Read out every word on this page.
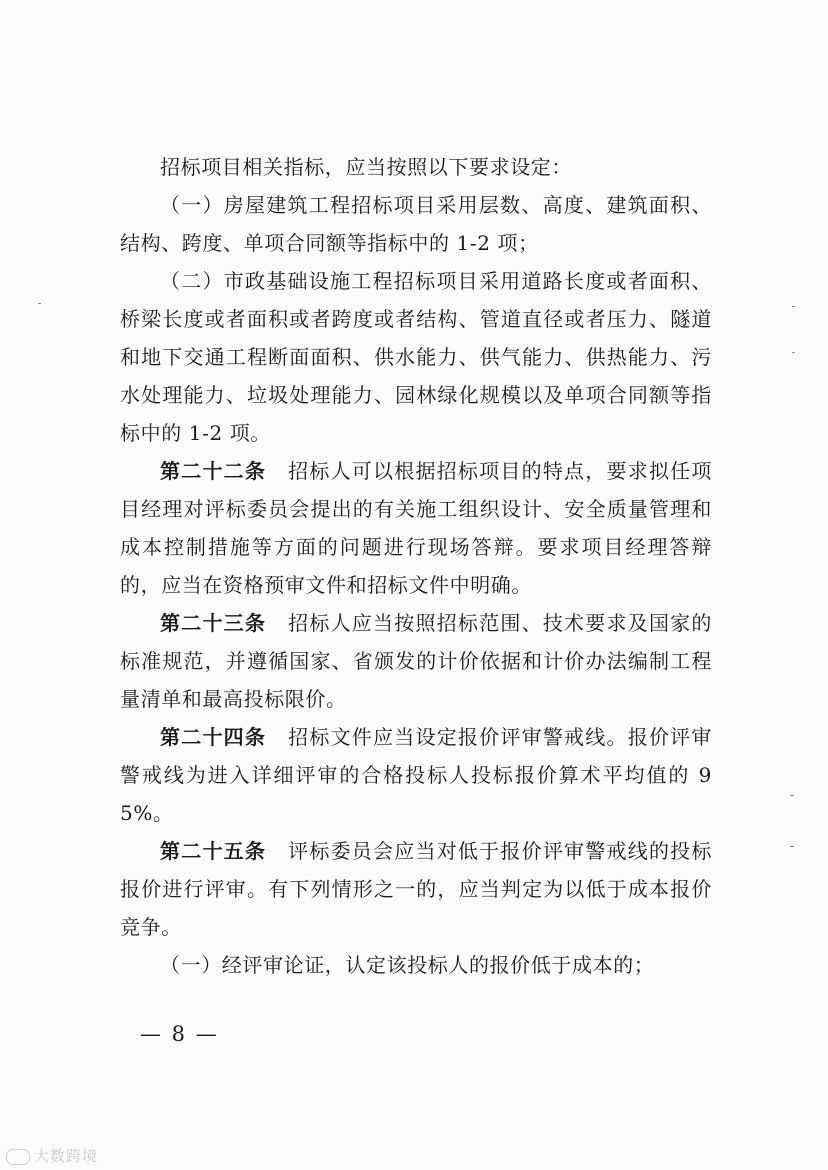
招标项目相关指标，应当按照以下要求设定：

（一）房屋建筑工程招标项目采用层数、高度、建筑面积、结构、跨度、单项合同额等指标中的 1-2 项；

（二）市政基础设施工程招标项目采用道路长度或者面积、桥梁长度或者面积或者跨度或者结构、管道直径或者压力、隧道和地下交通工程断面面积、供水能力、供气能力、供热能力、污水处理能力、垃圾处理能力、园林绿化规模以及单项合同额等指标中的 1-2 项。

第二十二条 招标人可以根据招标项目的特点，要求拟任项目经理对评标委员会提出的有关施工组织设计、安全质量管理和成本控制措施等方面的问题进行现场答辩。要求项目经理答辩的，应当在资格预审文件和招标文件中明确。

第二十三条 招标人应当按照招标范围、技术要求及国家的标准规范，并遵循国家、省颁发的计价依据和计价办法编制工程量清单和最高投标限价。

第二十四条 招标文件应当设定报价评审警戒线。报价评审警戒线为进入详细评审的合格投标人投标报价算术平均值的 95%。

第二十五条 评标委员会应当对低于报价评审警戒线的投标报价进行评审。有下列情形之一的，应当判定为以低于成本报价竞争。

（一）经评审论证，认定该投标人的报价低于成本的；

— 8 —
大数跨境
